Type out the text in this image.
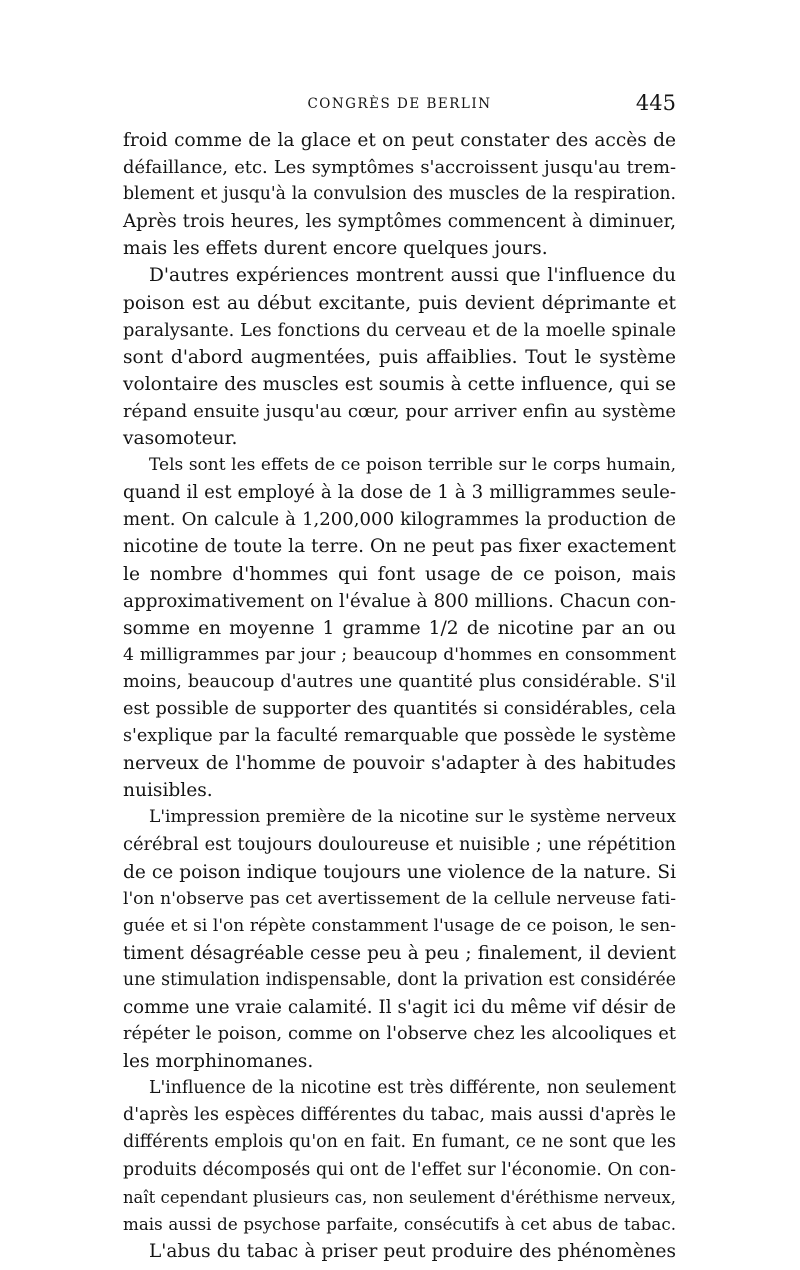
CONGRÈS DE BERLIN	445
froid comme de la glace et on peut constater des accès de
défaillance, etc. Les symptômes s'accroissent jusqu'au trem-
blement et jusqu'à la convulsion des muscles de la respiration.
Après trois heures, les symptômes commencent à diminuer,
mais les effets durent encore quelques jours.
D'autres expériences montrent aussi que l'influence du
poison est au début excitante, puis devient déprimante et
paralysante. Les fonctions du cerveau et de la moelle spinale
sont d'abord augmentées, puis affaiblies. Tout le système
volontaire des muscles est soumis à cette influence, qui se
répand ensuite jusqu'au cœur, pour arriver enfin au système
vasomoteur.
Tels sont les effets de ce poison terrible sur le corps humain,
quand il est employé à la dose de 1 à 3 milligrammes seule-
ment. On calcule à 1,200,000 kilogrammes la production de
nicotine de toute la terre. On ne peut pas fixer exactement
le nombre d'hommes qui font usage de ce poison, mais
approximativement on l'évalue à 800 millions. Chacun con-
somme en moyenne 1 gramme 1/2 de nicotine par an ou
4 milligrammes par jour ; beaucoup d'hommes en consomment
moins, beaucoup d'autres une quantité plus considérable. S'il
est possible de supporter des quantités si considérables, cela
s'explique par la faculté remarquable que possède le système
nerveux de l'homme de pouvoir s'adapter à des habitudes
nuisibles.
L'impression première de la nicotine sur le système nerveux
cérébral est toujours douloureuse et nuisible ; une répétition
de ce poison indique toujours une violence de la nature. Si
l'on n'observe pas cet avertissement de la cellule nerveuse fati-
guée et si l'on répète constamment l'usage de ce poison, le sen-
timent désagréable cesse peu à peu ; finalement, il devient
une stimulation indispensable, dont la privation est considérée
comme une vraie calamité. Il s'agit ici du même vif désir de
répéter le poison, comme on l'observe chez les alcooliques et
les morphinomanes.
L'influence de la nicotine est très différente, non seulement
d'après les espèces différentes du tabac, mais aussi d'après le
différents emplois qu'on en fait. En fumant, ce ne sont que les
produits décomposés qui ont de l'effet sur l'économie. On con-
naît cependant plusieurs cas, non seulement d'éréthisme nerveux,
mais aussi de psychose parfaite, consécutifs à cet abus de tabac.
L'abus du tabac à priser peut produire des phénomènes
